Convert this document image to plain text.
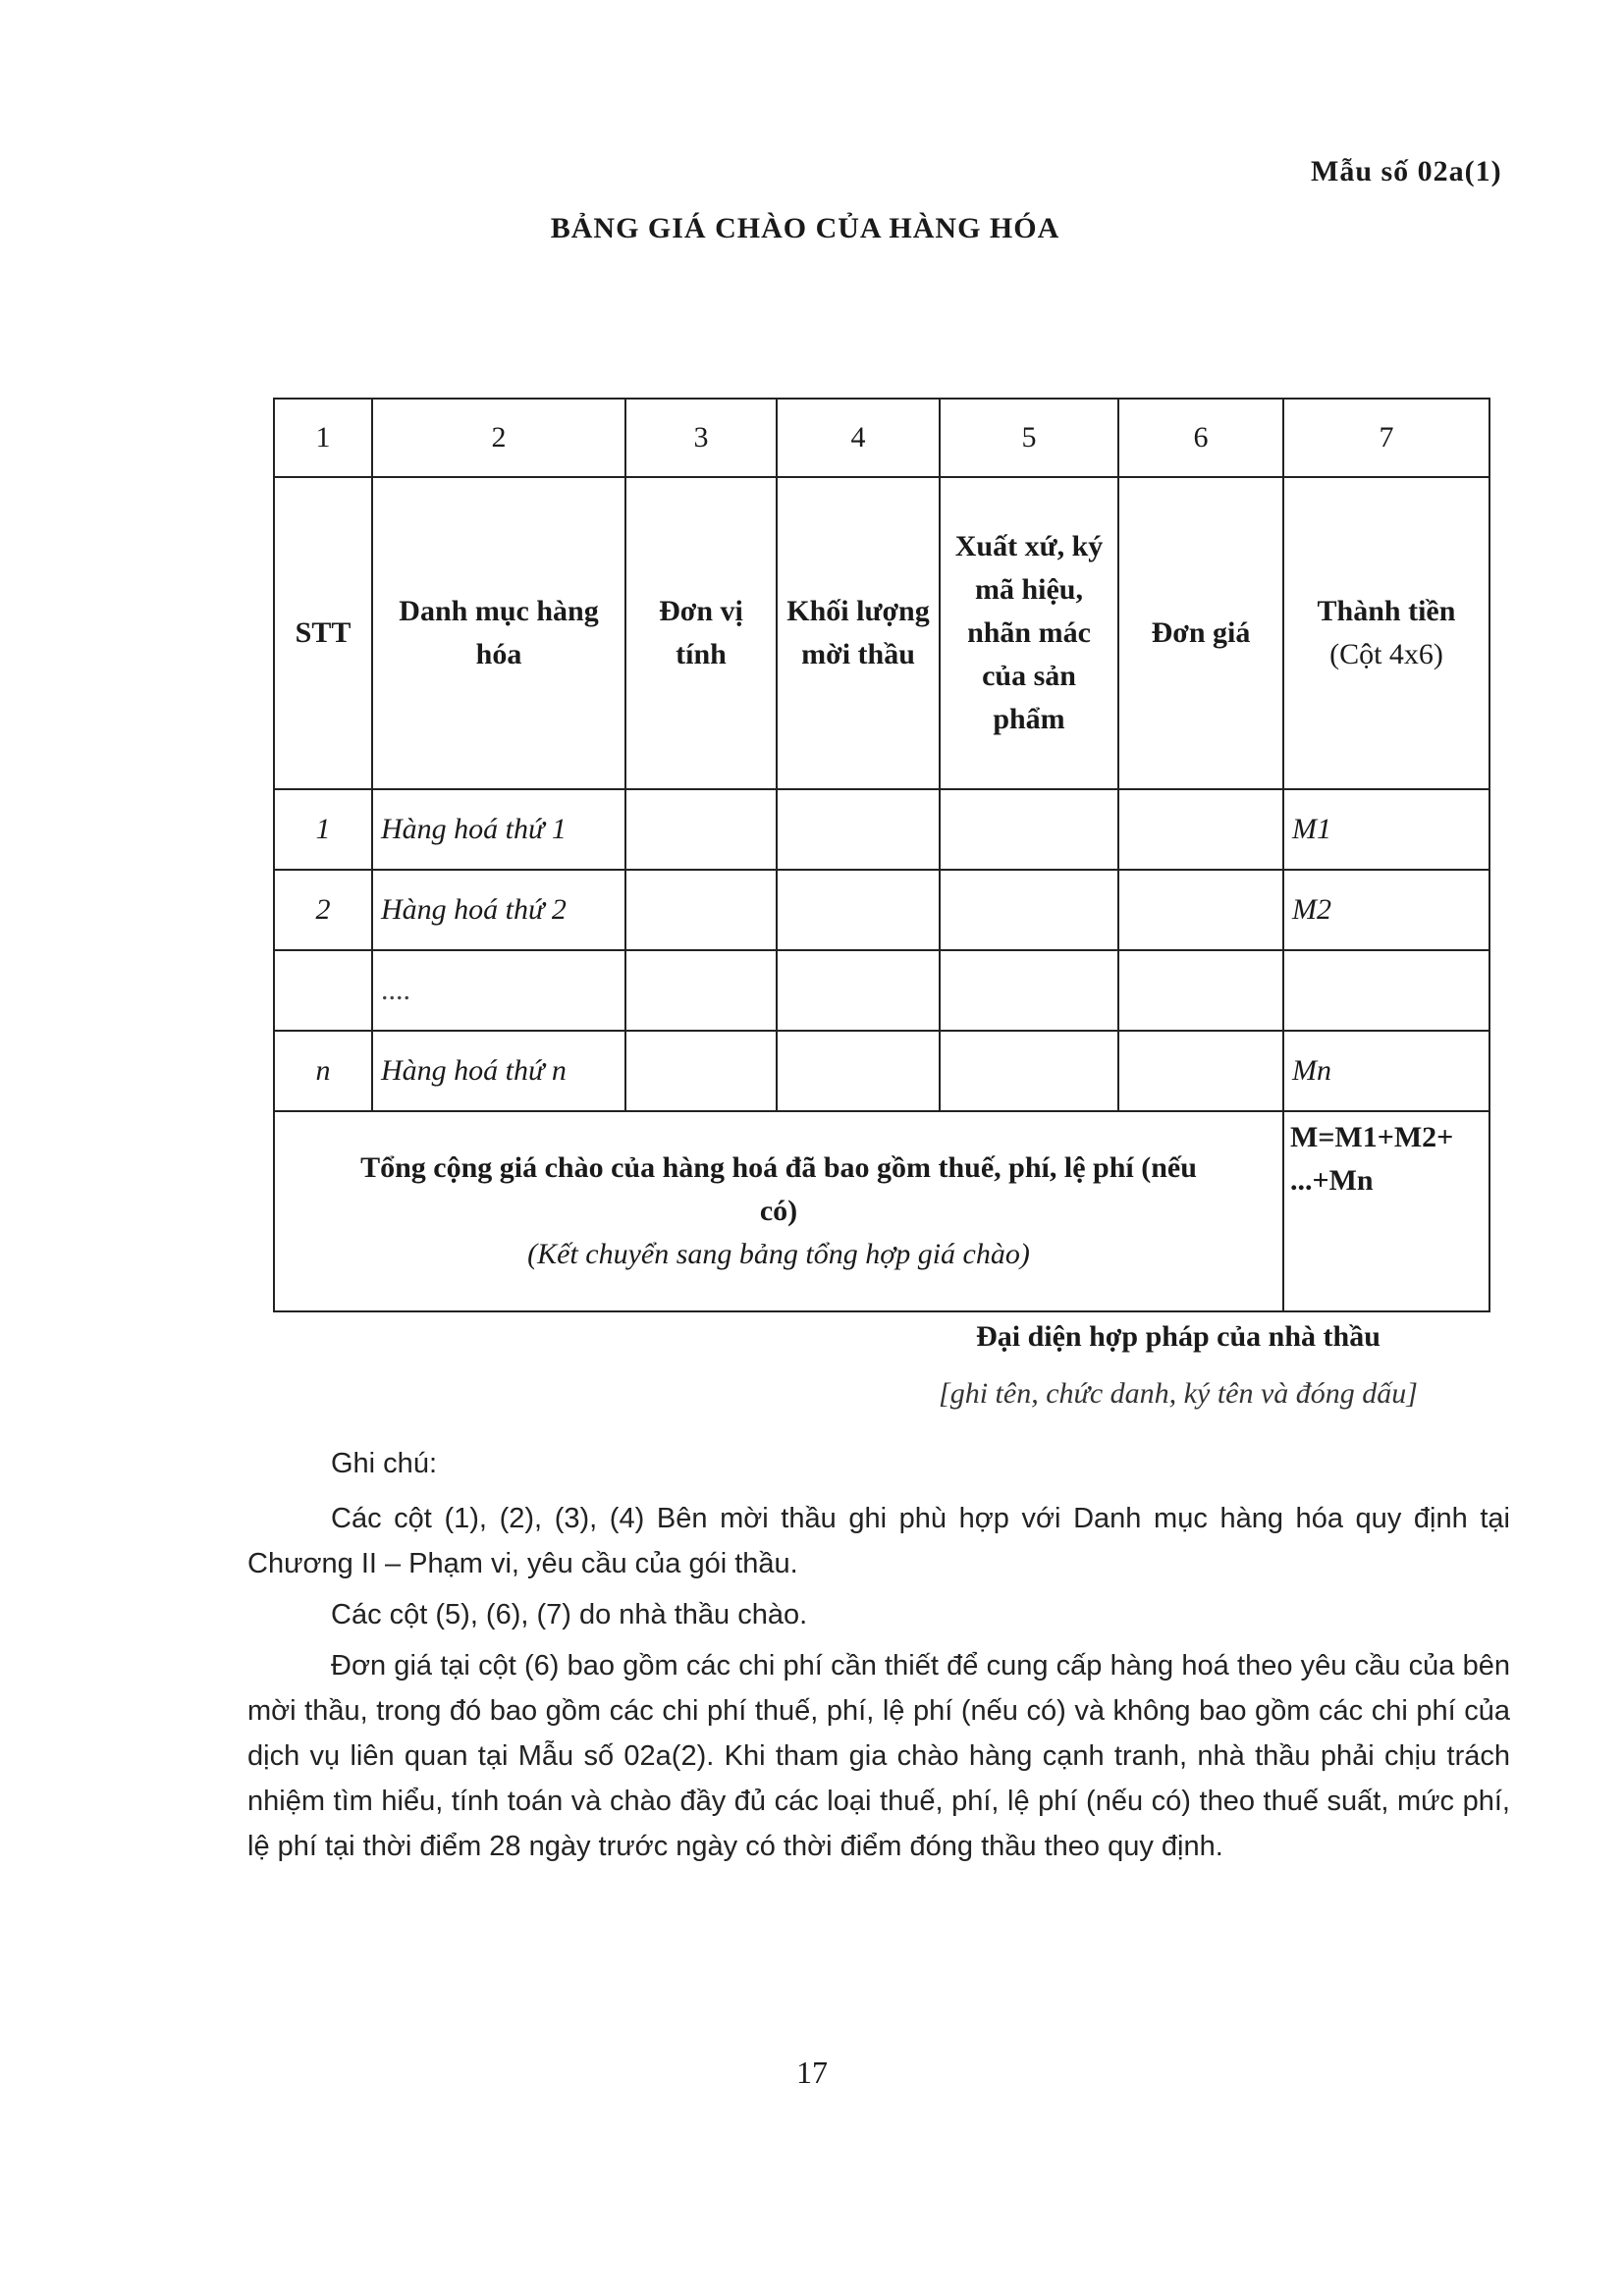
Mẫu số 02a(1)
BẢNG GIÁ CHÀO CỦA HÀNG HÓA
1	2	3	4	5	6	7
STT	Danh mục hàng hóa	Đơn vị tính	Khối lượng mời thầu	Xuất xứ, ký mã hiệu, nhãn mác của sản phẩm	Đơn giá	Thành tiền
(Cột 4x6)

1	Hàng hoá thứ 1					M1
2	Hàng hoá thứ 2					M2
	....					
n	Hàng hoá thứ n					Mn

Tổng cộng giá chào của hàng hoá đã bao gồm thuế, phí, lệ phí (nếu có)
(Kết chuyển sang bảng tổng hợp giá chào)						M=M1+M2+ ...+Mn
Đại diện hợp pháp của nhà thầu
[ghi tên, chức danh, ký tên và đóng dấu]

Ghi chú:

Các cột (1), (2), (3), (4) Bên mời thầu ghi phù hợp với Danh mục hàng hóa quy định tại Chương II – Phạm vi, yêu cầu của gói thầu.

Các cột (5), (6), (7) do nhà thầu chào.

Đơn giá tại cột (6) bao gồm các chi phí cần thiết để cung cấp hàng hoá theo yêu cầu của bên mời thầu, trong đó bao gồm các chi phí thuế, phí, lệ phí (nếu có) và không bao gồm các chi phí của dịch vụ liên quan tại Mẫu số 02a(2). Khi tham gia chào hàng cạnh tranh, nhà thầu phải chịu trách nhiệm tìm hiểu, tính toán và chào đầy đủ các loại thuế, phí, lệ phí (nếu có) theo thuế suất, mức phí, lệ phí tại thời điểm 28 ngày trước ngày có thời điểm đóng thầu theo quy định.

17
